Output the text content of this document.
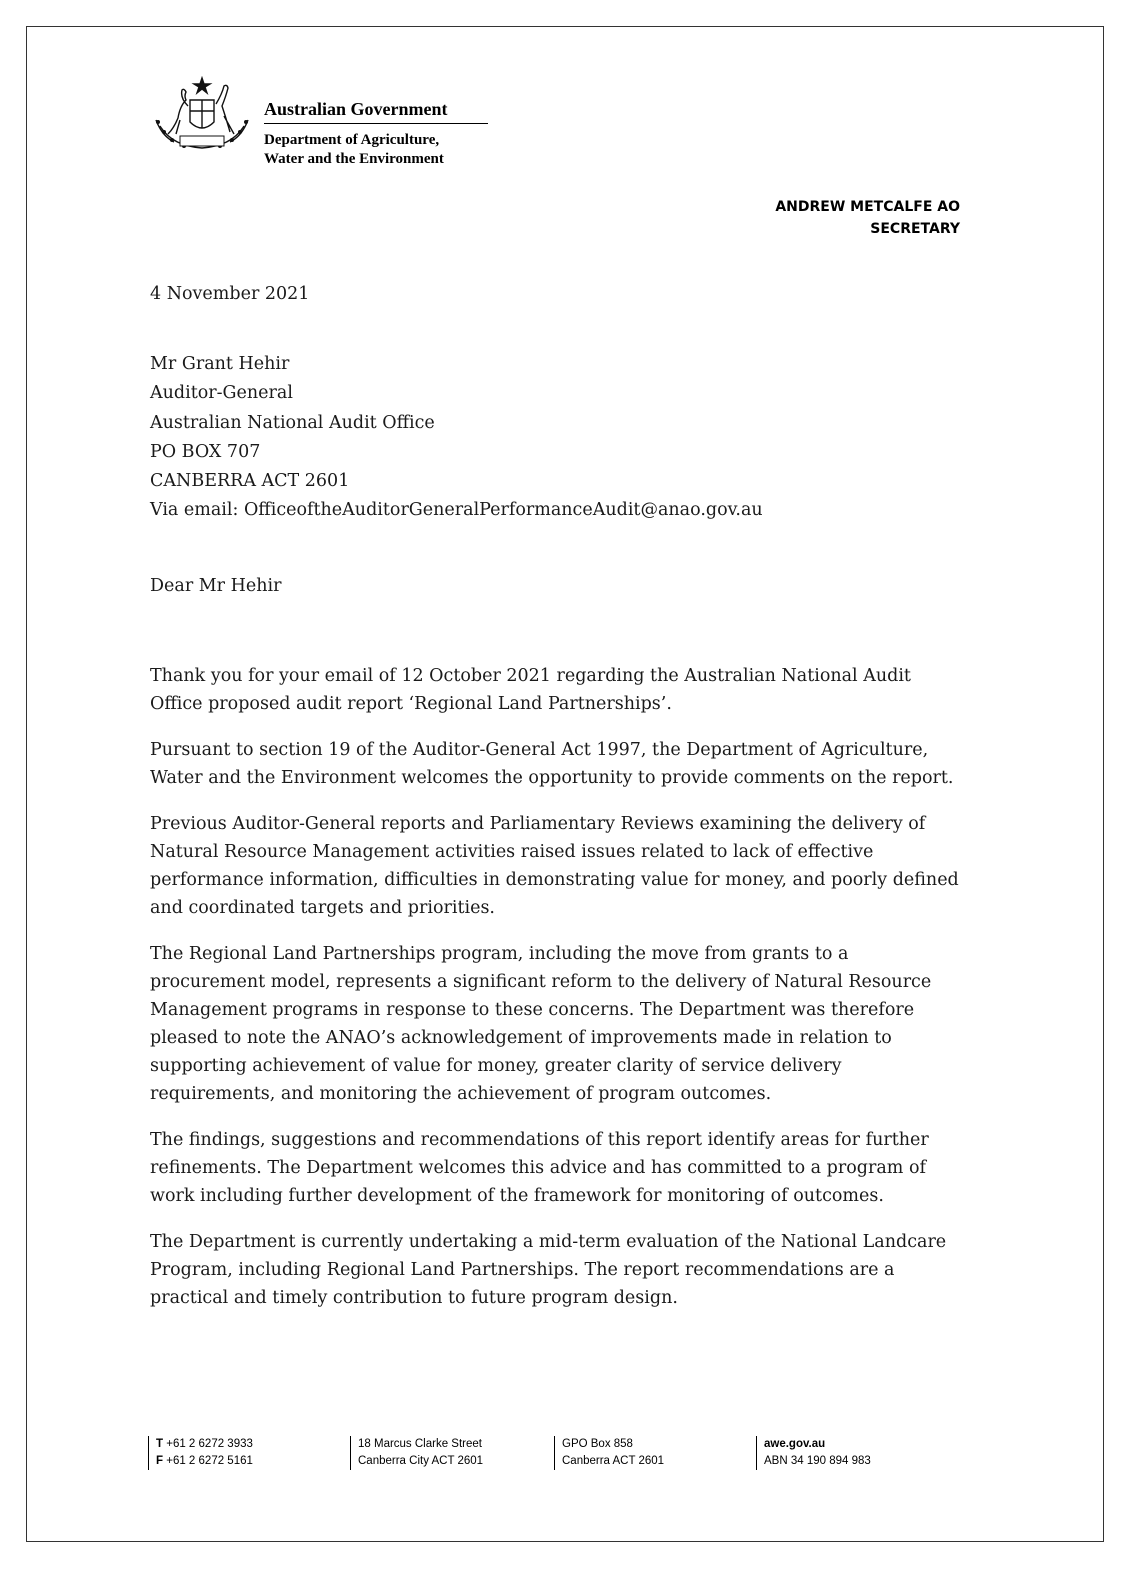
Australian Government
Department of Agriculture,
Water and the Environment
ANDREW METCALFE AO
SECRETARY
4 November 2021
Mr Grant Hehir
Auditor-General
Australian National Audit Office
PO BOX 707
CANBERRA ACT 2601
Via email: OfficeoftheAuditorGeneralPerformanceAudit@anao.gov.au
Dear Mr Hehir

Thank you for your email of 12 October 2021 regarding the Australian National Audit Office proposed audit report ‘Regional Land Partnerships’.

Pursuant to section 19 of the Auditor-General Act 1997, the Department of Agriculture, Water and the Environment welcomes the opportunity to provide comments on the report.

Previous Auditor-General reports and Parliamentary Reviews examining the delivery of Natural Resource Management activities raised issues related to lack of effective performance information, difficulties in demonstrating value for money, and poorly defined and coordinated targets and priorities.

The Regional Land Partnerships program, including the move from grants to a procurement model, represents a significant reform to the delivery of Natural Resource Management programs in response to these concerns. The Department was therefore pleased to note the ANAO’s acknowledgement of improvements made in relation to supporting achievement of value for money, greater clarity of service delivery requirements, and monitoring the achievement of program outcomes.

The findings, suggestions and recommendations of this report identify areas for further refinements. The Department welcomes this advice and has committed to a program of work including further development of the framework for monitoring of outcomes.

The Department is currently undertaking a mid-term evaluation of the National Landcare Program, including Regional Land Partnerships. The report recommendations are a practical and timely contribution to future program design.

T +61 2 6272 3933
F +61 2 6272 5161
18 Marcus Clarke Street
Canberra City ACT 2601
GPO Box 858
Canberra ACT 2601
awe.gov.au
ABN 34 190 894 983
